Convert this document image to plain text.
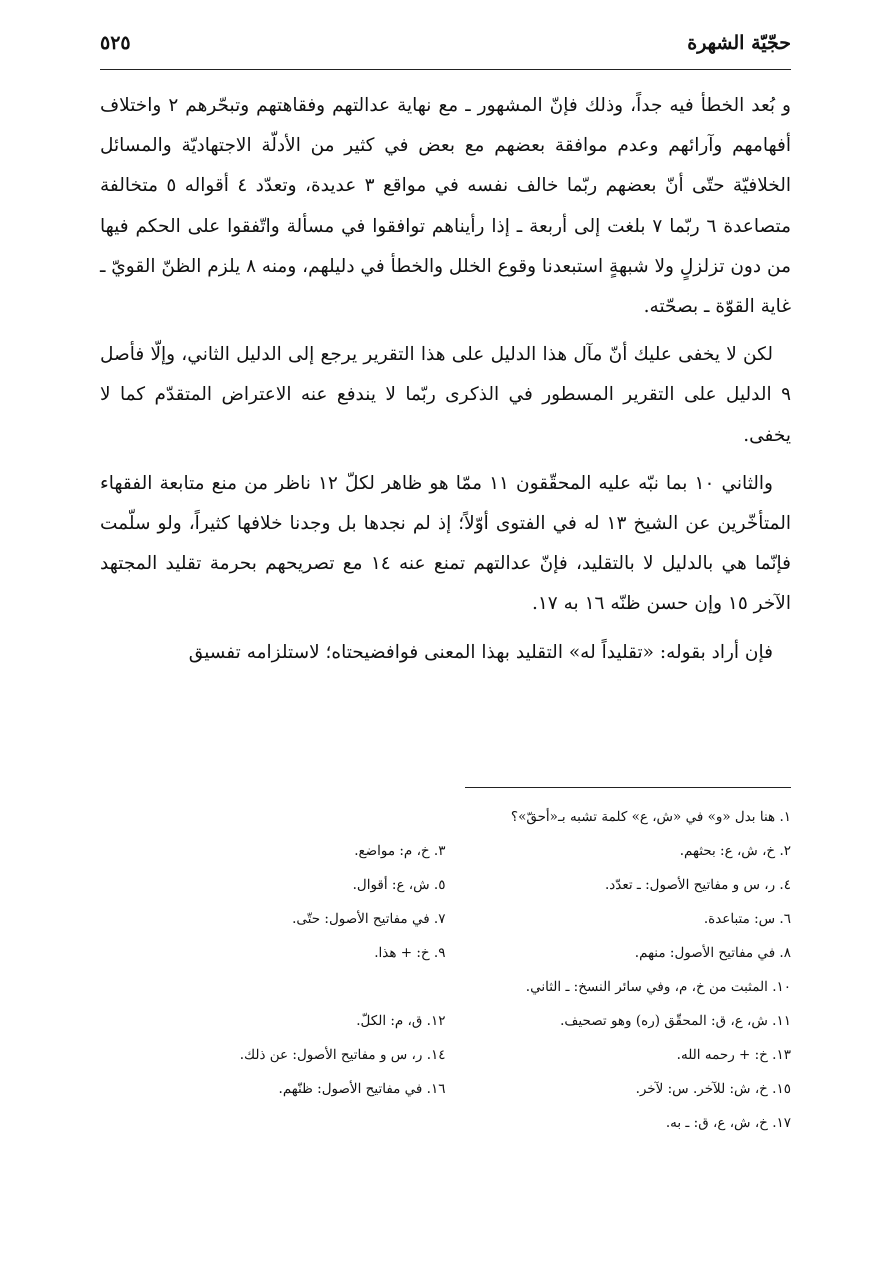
حجّيّة الشهرة
٥٢٥

و بُعد الخطأ فيه جداً، وذلك فإنّ المشهور ـ مع نهاية عدالتهم وفقاهتهم وتبحّرهم ٢ واختلاف أفهامهم وآرائهم وعدم موافقة بعضهم مع بعض في كثير من الأدلّة الاجتهاديّة والمسائل الخلافيّة حتّى أنّ بعضهم ربّما خالف نفسه في مواقع ٣ عديدة، وتعدّد ٤ أقواله ٥ متخالفة متصاعدة ٦ ربّما ٧ بلغت إلى أربعة ـ إذا رأيناهم توافقوا في مسألة واتّفقوا على الحكم فيها من دون تزلزلٍ ولا شبهةٍ استبعدنا وقوع الخلل والخطأ في دليلهم، ومنه ٨ يلزم الظنّ القويّ ـ غاية القوّة ـ بصحّته.

لكن لا يخفى عليك أنّ مآل هذا الدليل على هذا التقرير يرجع إلى الدليل الثاني، وإلّا فأصل ٩ الدليل على التقرير المسطور في الذكرى ربّما لا يندفع عنه الاعتراض المتقدّم كما لا يخفى.

والثاني ١٠ بما نبّه عليه المحقّقون ١١ ممّا هو ظاهر لكلّ ١٢ ناظر من منع متابعة الفقهاء المتأخّرين عن الشيخ ١٣ له في الفتوى أوّلاً؛ إذ لم نجدها بل وجدنا خلافها كثيراً، ولو سلّمت فإنّما هي بالدليل لا بالتقليد، فإنّ عدالتهم تمنع عنه ١٤ مع تصريحهم بحرمة تقليد المجتهد الآخر ١٥ وإن حسن ظنّه ١٦ به ١٧.

فإن أراد بقوله: «تقليداً له» التقليد بهذا المعنى فوافضيحتاه؛ لاستلزامه تفسيق

١. هنا بدل «و» في «ش، ع» كلمة تشبه بـ«أحقّ»؟
٢. خ، ش، ع: بحثهم.
٣. خ، م: مواضع.
٤. ر، س و مفاتيح الأصول: ـ تعدّد.
٥. ش، ع: أقوال.
٦. س: متباعدة.
٧. في مفاتيح الأصول: حتّى.
٨. في مفاتيح الأصول: منهم.
٩. خ: + هذا.
١٠. المثبت من خ، م، وفي سائر النسخ: ـ الثاني.
١١. ش، ع، ق: المحقّق (ره) وهو تصحيف.
١٢. ق، م: الكلّ.
١٣. خ: + رحمه الله.
١٤. ر، س و مفاتيح الأصول: عن ذلك.
١٥. خ، ش: للآخر. س: لآخر.
١٦. في مفاتيح الأصول: ظنّهم.
١٧. خ، ش، ع، ق: ـ به.
